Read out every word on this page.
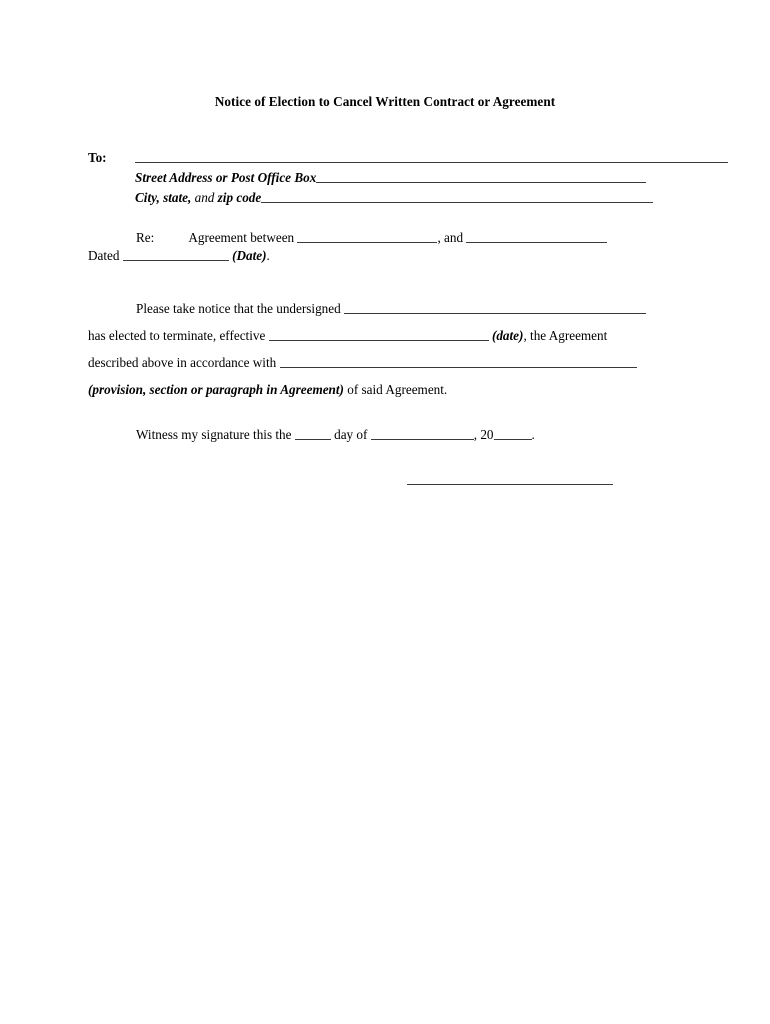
Notice of Election to Cancel Written Contract or Agreement
To:
Street Address or Post Office Box
City, state, and zip code
Re:	Agreement between	, and
Dated	(Date).
Please take notice that the undersigned
has elected to terminate, effective	(date), the Agreement
described above in accordance with
(provision, section or paragraph in Agreement) of said Agreement.
Witness my signature this the	day of	, 20	.
